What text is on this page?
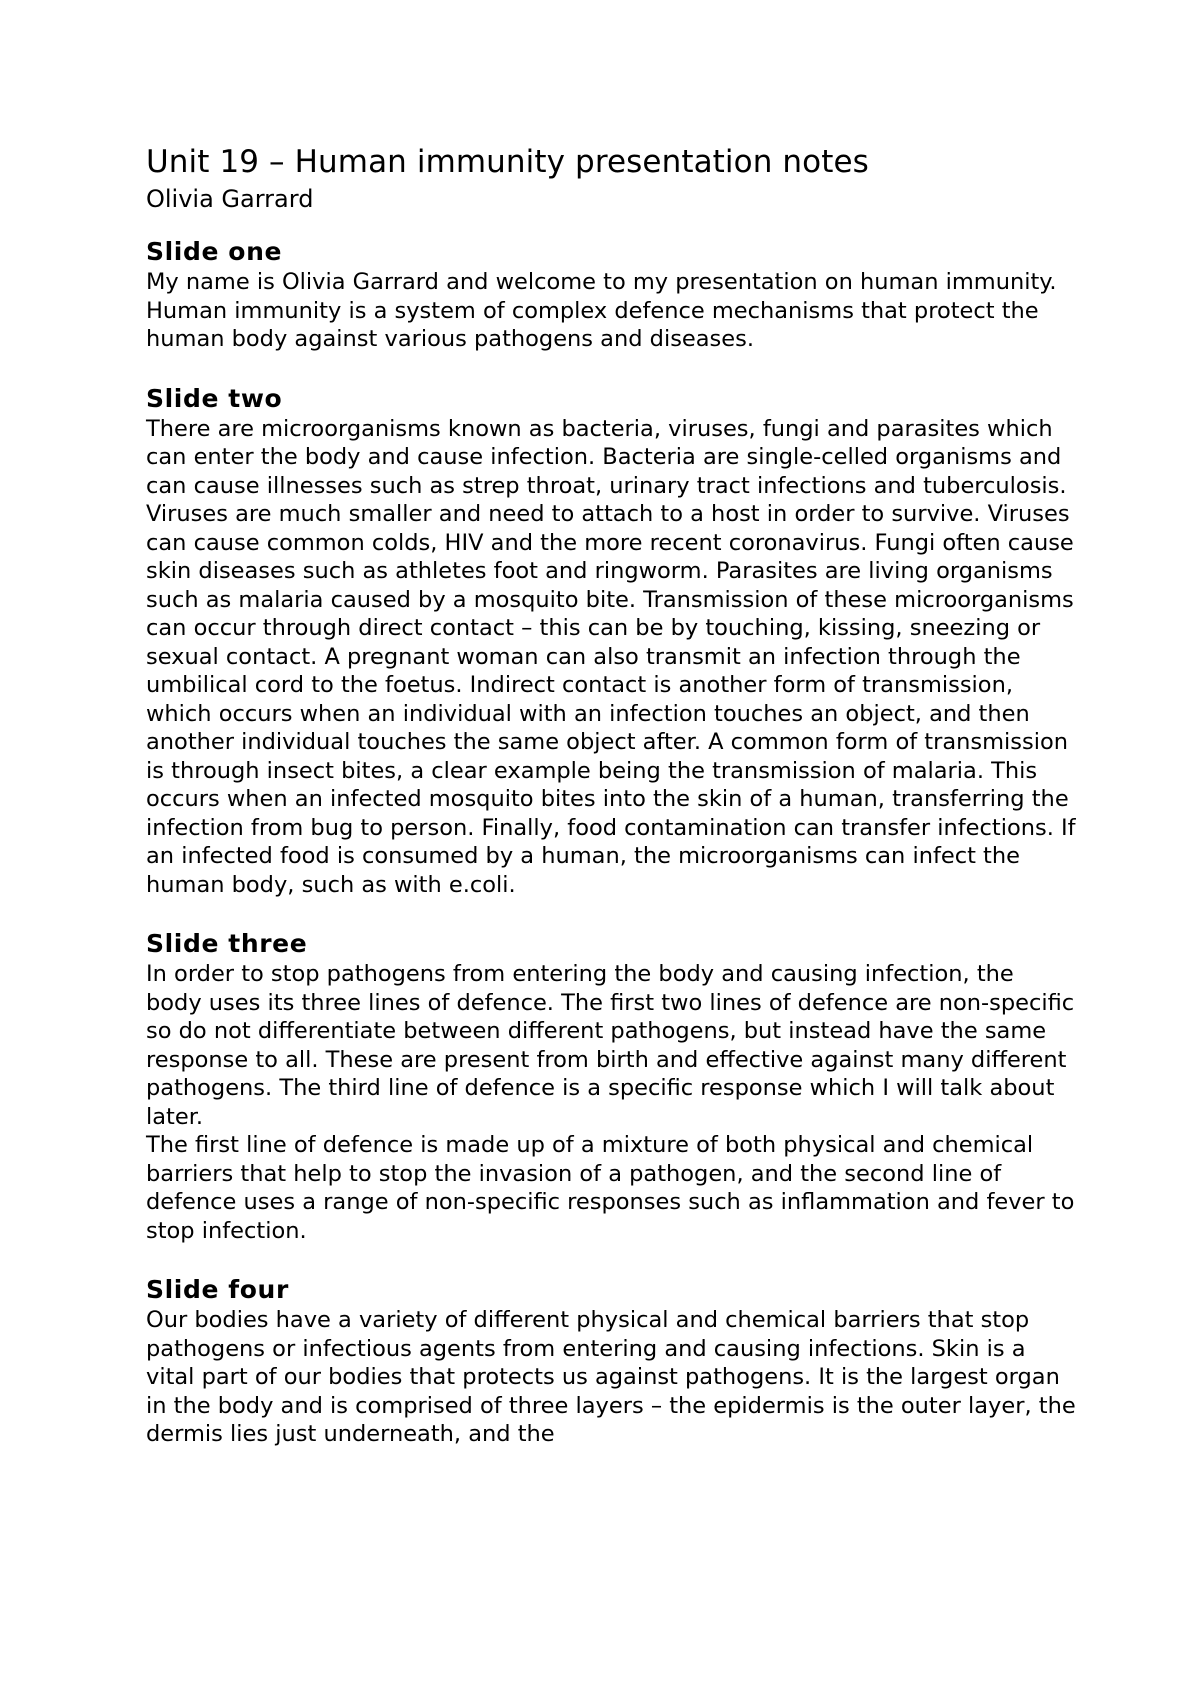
Unit 19 – Human immunity presentation notes

Olivia Garrard

Slide one

My name is Olivia Garrard and welcome to my presentation on human immunity.

Human immunity is a system of complex defence mechanisms that protect the human body against various pathogens and diseases.

Slide two

There are microorganisms known as bacteria, viruses, fungi and parasites which can enter the body and cause infection. Bacteria are single-celled organisms and can cause illnesses such as strep throat, urinary tract infections and tuberculosis. Viruses are much smaller and need to attach to a host in order to survive. Viruses can cause common colds, HIV and the more recent coronavirus. Fungi often cause skin diseases such as athletes foot and ringworm. Parasites are living organisms such as malaria caused by a mosquito bite. Transmission of these microorganisms can occur through direct contact – this can be by touching, kissing, sneezing or sexual contact. A pregnant woman can also transmit an infection through the umbilical cord to the foetus. Indirect contact is another form of transmission, which occurs when an individual with an infection touches an object, and then another individual touches the same object after. A common form of transmission is through insect bites, a clear example being the transmission of malaria. This occurs when an infected mosquito bites into the skin of a human, transferring the infection from bug to person. Finally, food contamination can transfer infections. If an infected food is consumed by a human, the microorganisms can infect the human body, such as with e.coli.

Slide three

In order to stop pathogens from entering the body and causing infection, the body uses its three lines of defence. The first two lines of defence are non-specific so do not differentiate between different pathogens, but instead have the same response to all. These are present from birth and effective against many different pathogens. The third line of defence is a specific response which I will talk about later.

The first line of defence is made up of a mixture of both physical and chemical barriers that help to stop the invasion of a pathogen, and the second line of defence uses a range of non-specific responses such as inflammation and fever to stop infection.

Slide four

Our bodies have a variety of different physical and chemical barriers that stop pathogens or infectious agents from entering and causing infections. Skin is a vital part of our bodies that protects us against pathogens. It is the largest organ in the body and is comprised of three layers – the epidermis is the outer layer, the dermis lies just underneath, and the
